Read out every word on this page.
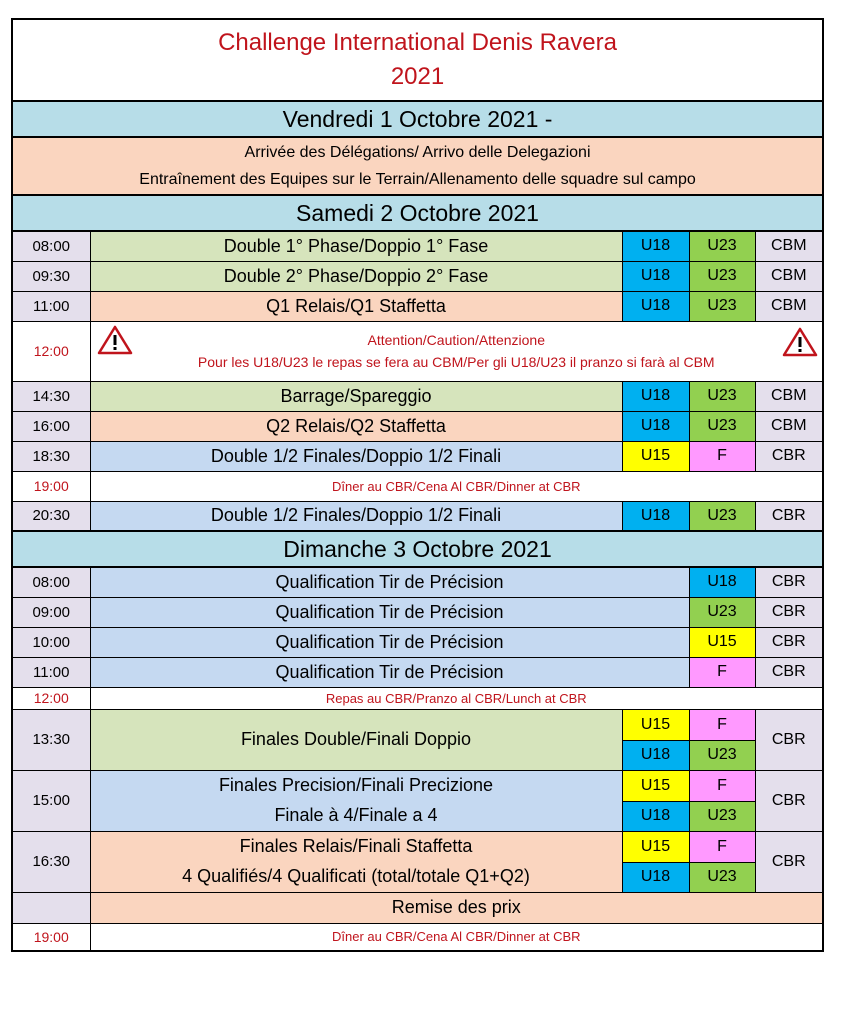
Challenge International Denis Ravera
2021				

Vendredi 1 Octobre 2021 -				

Arrivée des Délégations/ Arrivo delle Delegazioni
Entraînement des Equipes sur le Terrain/Allenamento delle squadre sul campo				

Samedi 2 Octobre 2021				
08:00	Double 1° Phase/Doppio 1° Fase	U18	U23	CBM
09:30	Double 2° Phase/Doppio 2° Fase	U18	U23	CBM
11:00	Q1 Relais/Q1 Staffetta	U18	U23	CBM
12:00	Attention/Caution/Attenzione
Pour les U18/U23 le repas se fera au CBM/Per gli U18/U23 il pranzo si farà al CBM			

14:30	Barrage/Spareggio	U18	U23	CBM
16:00	Q2 Relais/Q2 Staffetta	U18	U23	CBM
18:30	Double 1/2 Finales/Doppio 1/2 Finali	U15	F	CBR
19:00	Dîner au CBR/Cena Al CBR/Dinner at CBR			
20:30	Double 1/2 Finales/Doppio 1/2 Finali	U18	U23	CBR
Dimanche 3 Octobre 2021				
08:00	Qualification Tir de Précision		U18	CBR
09:00	Qualification Tir de Précision		U23	CBR
10:00	Qualification Tir de Précision		U15	CBR
11:00	Qualification Tir de Précision		F	CBR
12:00	Repas au CBR/Pranzo al CBR/Lunch at CBR			
13:30	Finales Double/Finali Doppio	U15	F	CBR
		U18	U23	
15:00	Finales Precision/Finali Precizione	U15	F	CBR
	Finale à 4/Finale a 4	U18	U23	
16:30	Finales Relais/Finali Staffetta	U15	F	CBR
	4 Qualifiés/4 Qualificati (total/totale Q1+Q2)	U18	U23	
	Remise des prix			
19:00	Dîner au CBR/Cena Al CBR/Dinner at CBR			
